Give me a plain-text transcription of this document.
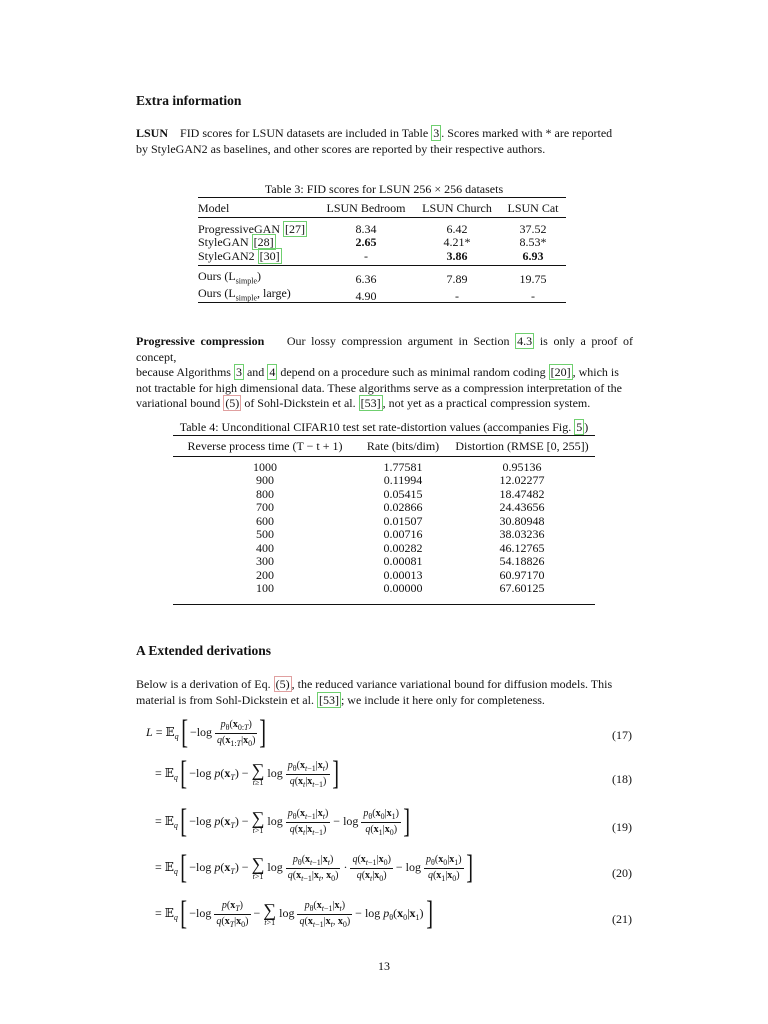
Extra information
LSUN FID scores for LSUN datasets are included in Table 3 . Scores marked with * are reported
by StyleGAN2 as baselines, and other scores are reported by their respective authors.
Table 3: FID scores for LSUN 256 × 256 datasets
Model	LSUN Bedroom	LSUN Church	LSUN Cat
ProgressiveGAN [27]	8.34	6.42	37.52
StyleGAN [28]	2.65	4.21*	8.53*
StyleGAN2 [30]	-	3.86	6.93
Ours $(L_{simple})$	6.36	7.89	19.75
Ours ($L_{simple}$, large)	4.90	-	-
Progressive compression Our lossy compression argument in Section 4.3 is only a proof of concept,
because Algorithms 3 and 4 depend on a procedure such as minimal random coding [20] , which is
not tractable for high dimensional data. These algorithms serve as a compression interpretation of the
variational bound (5) of Sohl-Dickstein et al. [53] , not yet as a practical compression system.
Table 4: Unconditional CIFAR10 test set rate-distortion values (accompanies Fig. 5 )
Reverse process time (T − t + 1)	Rate (bits/dim)	Distortion (RMSE [0, 255])
1000	1.77581	0.95136
900	0.11994	12.02277
800	0.05415	18.47482
700	0.02866	24.43656
600	0.01507	30.80948
500	0.00716	38.03236
400	0.00282	46.12765
300	0.00081	54.18826
200	0.00013	60.97170
100	0.00000	67.60125
A Extended derivations
Below is a derivation of Eq. (5) , the reduced variance variational bound for diffusion models. This
material is from Sohl-Dickstein et al. [53] ; we include it here only for completeness.
L = 𝔼$_q$[ $-\log \frac{p_\theta(x_{0:T})}{q(x_{1:T}|x_0)}$ ]	(17)
= 𝔼$_q$[ −log $p(x_T)$ − ∑
t≥1
$\log \frac{p_\theta(x_{t-1}|x_t)}{q(x_t|x_{t-1})}$ ]	(18)
= 𝔼$_q$[ −log $p(x_T)$ − ∑
t>1
$\log \frac{p_\theta(x_{t-1}|x_t)}{q(x_t|x_{t-1})} - \log \frac{p_\theta(x_0|x_1)}{q(x_1|x_0)}$ ]	(19)
= 𝔼$_q$[ −log $p(x_T)$ − ∑
t>1
$\log \frac{p_\theta(x_{t-1}|x_t)}{q(x_{t-1}|x_t, x_0)} \cdot \frac{q(x_{t-1}|x_0)}{q(x_t|x_0)} - \log \frac{p_\theta(x_0|x_1)}{q(x_1|x_0)}$ ]	(20)
= 𝔼$_q$[ $-\log \frac{p(x_T)}{q(x_T|x_0)}$ − ∑
t>1
$\log \frac{p_\theta(x_{t-1}|x_t)}{q(x_{t-1}|x_t, x_0)} - \log p_\theta(x_0|x_1)$]	(21)
13
